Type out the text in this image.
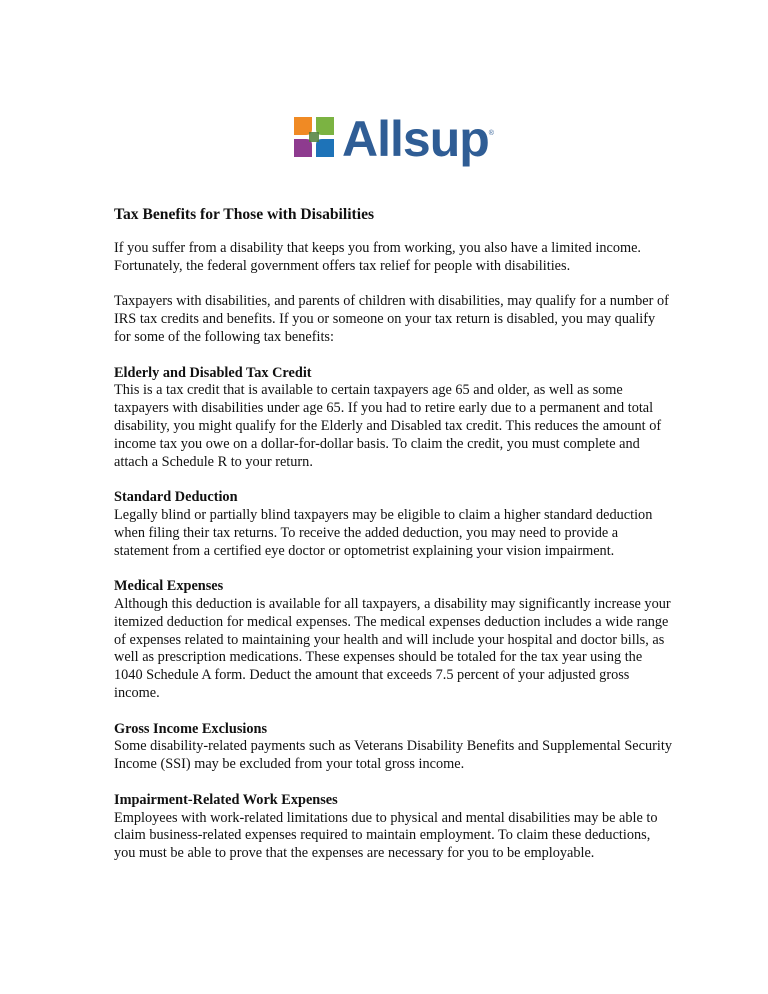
Allsup ®
Tax Benefits for Those with Disabilities

If you suffer from a disability that keeps you from working, you also have a limited income. Fortunately, the federal government offers tax relief for people with disabilities.

Taxpayers with disabilities, and parents of children with disabilities, may qualify for a number of IRS tax credits and benefits. If you or someone on your tax return is disabled, you may qualify for some of the following tax benefits:

Elderly and Disabled Tax Credit
This is a tax credit that is available to certain taxpayers age 65 and older, as well as some taxpayers with disabilities under age 65. If you had to retire early due to a permanent and total disability, you might qualify for the Elderly and Disabled tax credit. This reduces the amount of income tax you owe on a dollar-for-dollar basis. To claim the credit, you must complete and attach a Schedule R to your return.
Standard Deduction
Legally blind or partially blind taxpayers may be eligible to claim a higher standard deduction when filing their tax returns. To receive the added deduction, you may need to provide a statement from a certified eye doctor or optometrist explaining your vision impairment.
Medical Expenses
Although this deduction is available for all taxpayers, a disability may significantly increase your itemized deduction for medical expenses. The medical expenses deduction includes a wide range of expenses related to maintaining your health and will include your hospital and doctor bills, as well as prescription medications. These expenses should be totaled for the tax year using the 1040 Schedule A form. Deduct the amount that exceeds 7.5 percent of your adjusted gross income.
Gross Income Exclusions
Some disability-related payments such as Veterans Disability Benefits and Supplemental Security Income (SSI) may be excluded from your total gross income.
Impairment-Related Work Expenses
Employees with work-related limitations due to physical and mental disabilities may be able to claim business-related expenses required to maintain employment. To claim these deductions, you must be able to prove that the expenses are necessary for you to be employable.
